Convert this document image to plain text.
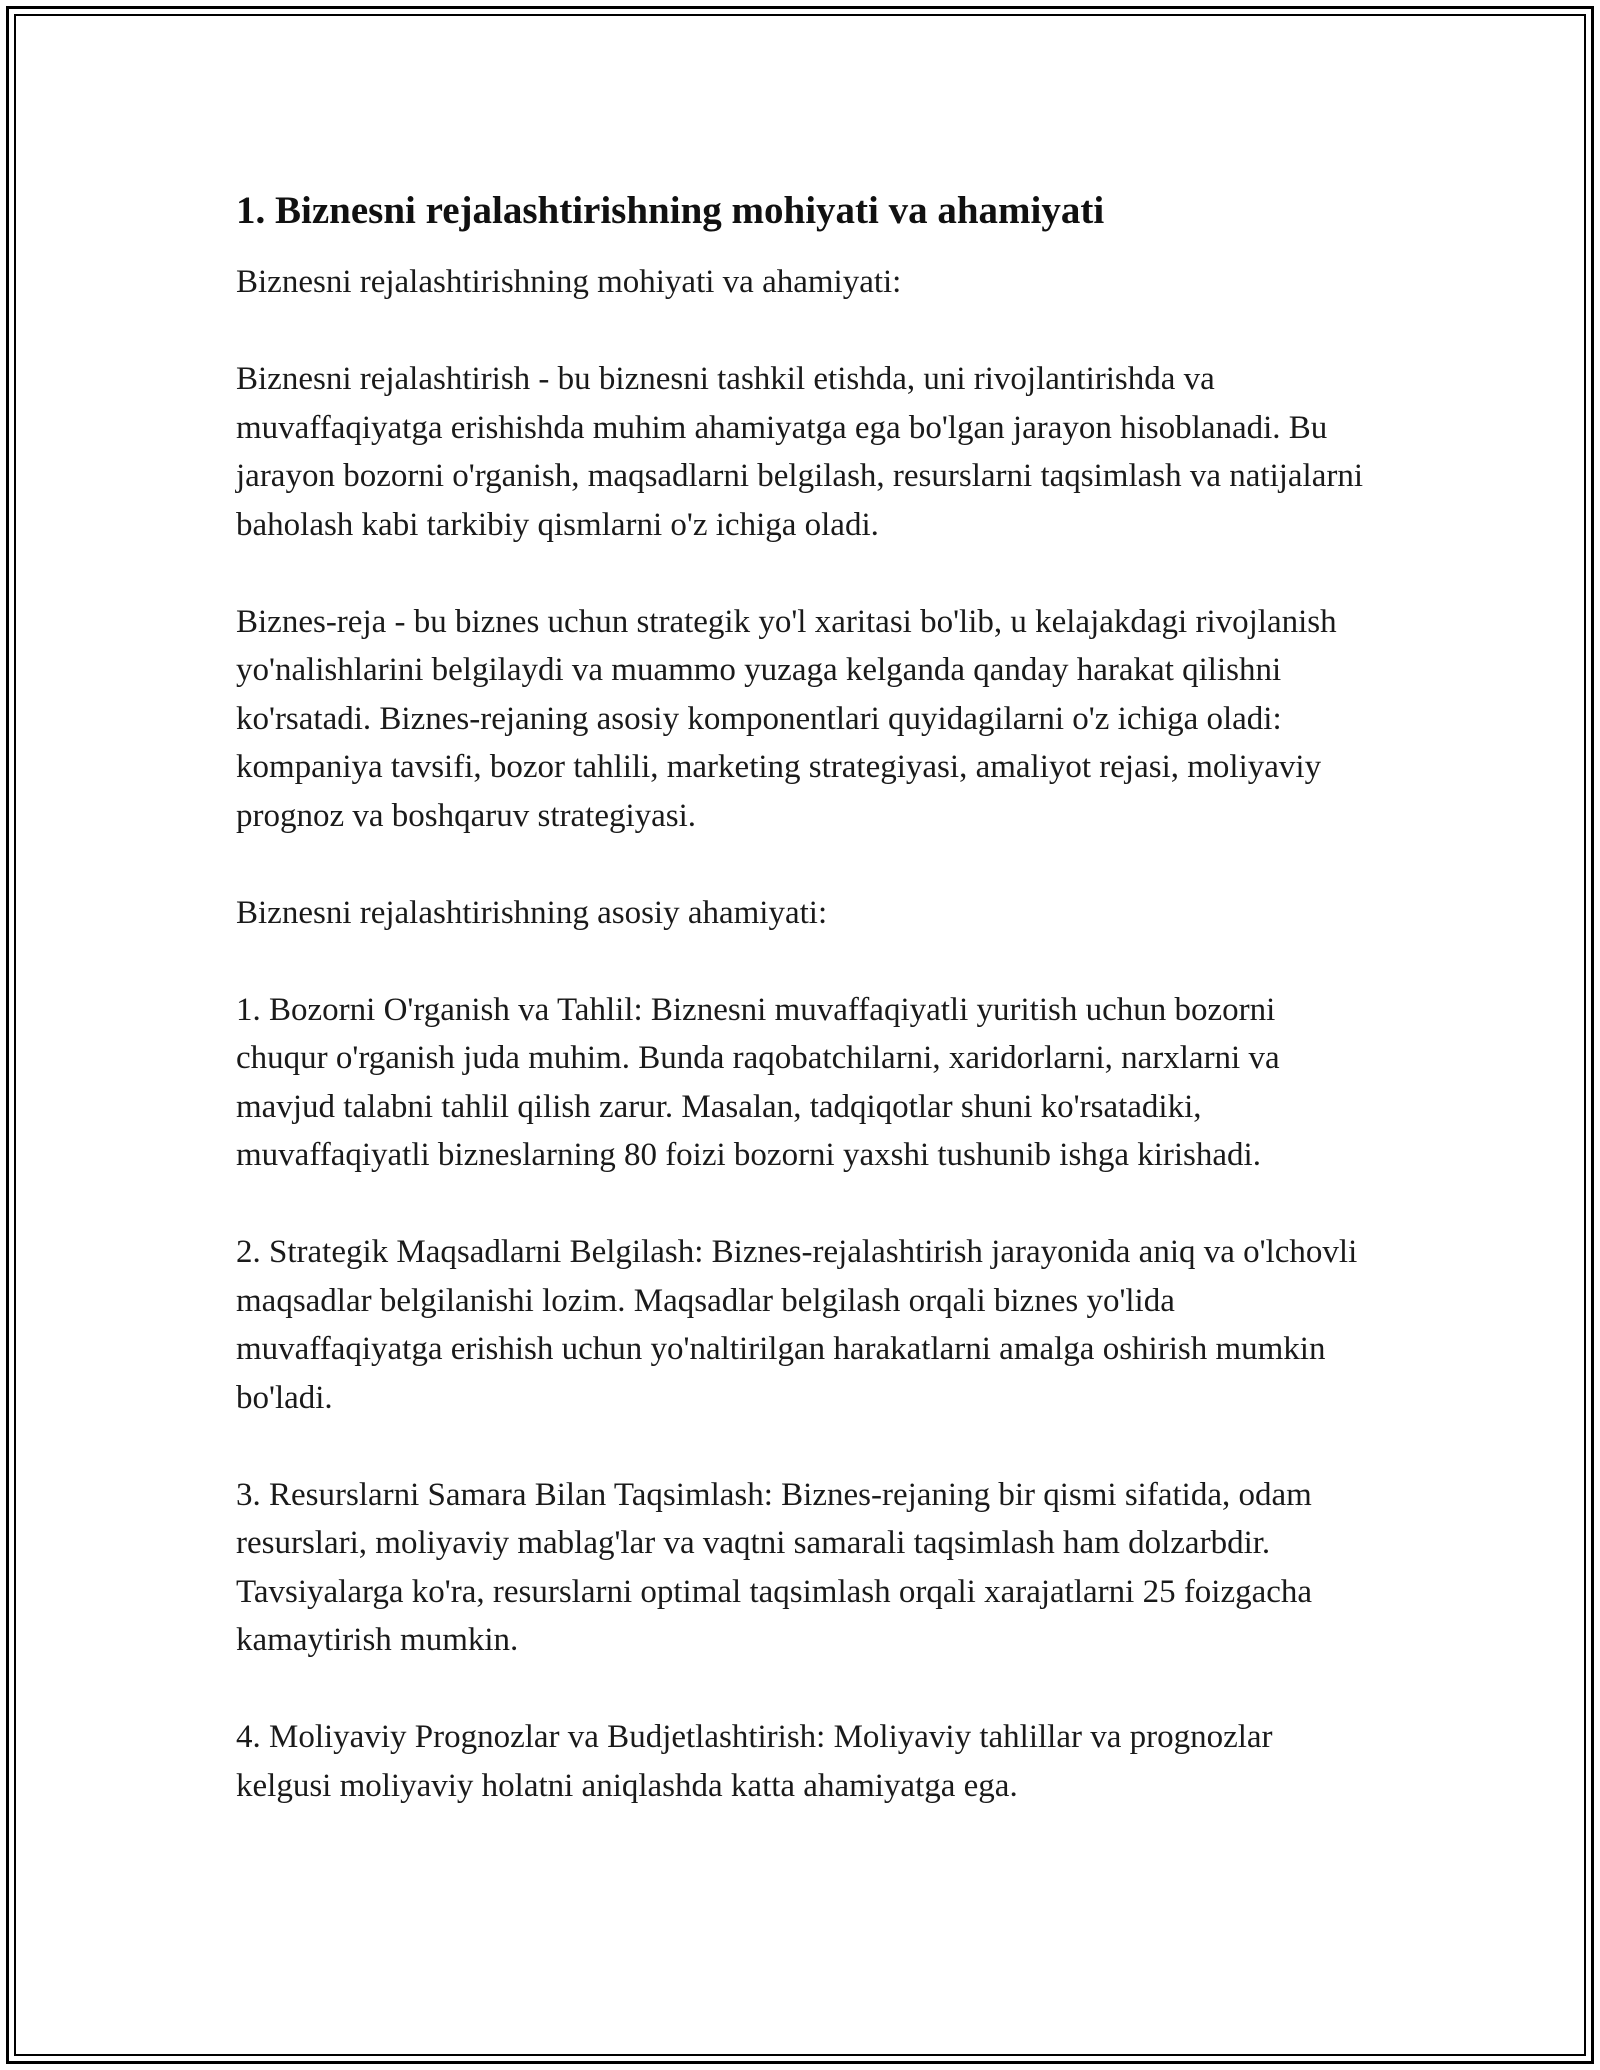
1. Biznesni rejalashtirishning mohiyati va ahamiyati

Biznesni rejalashtirishning mohiyati va ahamiyati:

Biznesni rejalashtirish - bu biznesni tashkil etishda, uni rivojlantirishda va muvaffaqiyatga erishishda muhim ahamiyatga ega bo'lgan jarayon hisoblanadi. Bu jarayon bozorni o'rganish, maqsadlarni belgilash, resurslarni taqsimlash va natijalarni baholash kabi tarkibiy qismlarni o'z ichiga oladi.

Biznes-reja - bu biznes uchun strategik yo'l xaritasi bo'lib, u kelajakdagi rivojlanish yo'nalishlarini belgilaydi va muammo yuzaga kelganda qanday harakat qilishni ko'rsatadi. Biznes-rejaning asosiy komponentlari quyidagilarni o'z ichiga oladi: kompaniya tavsifi, bozor tahlili, marketing strategiyasi, amaliyot rejasi, moliyaviy prognoz va boshqaruv strategiyasi.

Biznesni rejalashtirishning asosiy ahamiyati:

1. Bozorni O'rganish va Tahlil: Biznesni muvaffaqiyatli yuritish uchun bozorni chuqur o'rganish juda muhim. Bunda raqobatchilarni, xaridorlarni, narxlarni va mavjud talabni tahlil qilish zarur. Masalan, tadqiqotlar shuni ko'rsatadiki, muvaffaqiyatli bizneslarning 80 foizi bozorni yaxshi tushunib ishga kirishadi.

2. Strategik Maqsadlarni Belgilash: Biznes-rejalashtirish jarayonida aniq va o'lchovli maqsadlar belgilanishi lozim. Maqsadlar belgilash orqali biznes yo'lida muvaffaqiyatga erishish uchun yo'naltirilgan harakatlarni amalga oshirish mumkin bo'ladi.

3. Resurslarni Samara Bilan Taqsimlash: Biznes-rejaning bir qismi sifatida, odam resurslari, moliyaviy mablag'lar va vaqtni samarali taqsimlash ham dolzarbdir. Tavsiyalarga ko'ra, resurslarni optimal taqsimlash orqali xarajatlarni 25 foizgacha kamaytirish mumkin.

4. Moliyaviy Prognozlar va Budjetlashtirish: Moliyaviy tahlillar va prognozlar kelgusi moliyaviy holatni aniqlashda katta ahamiyatga ega.
